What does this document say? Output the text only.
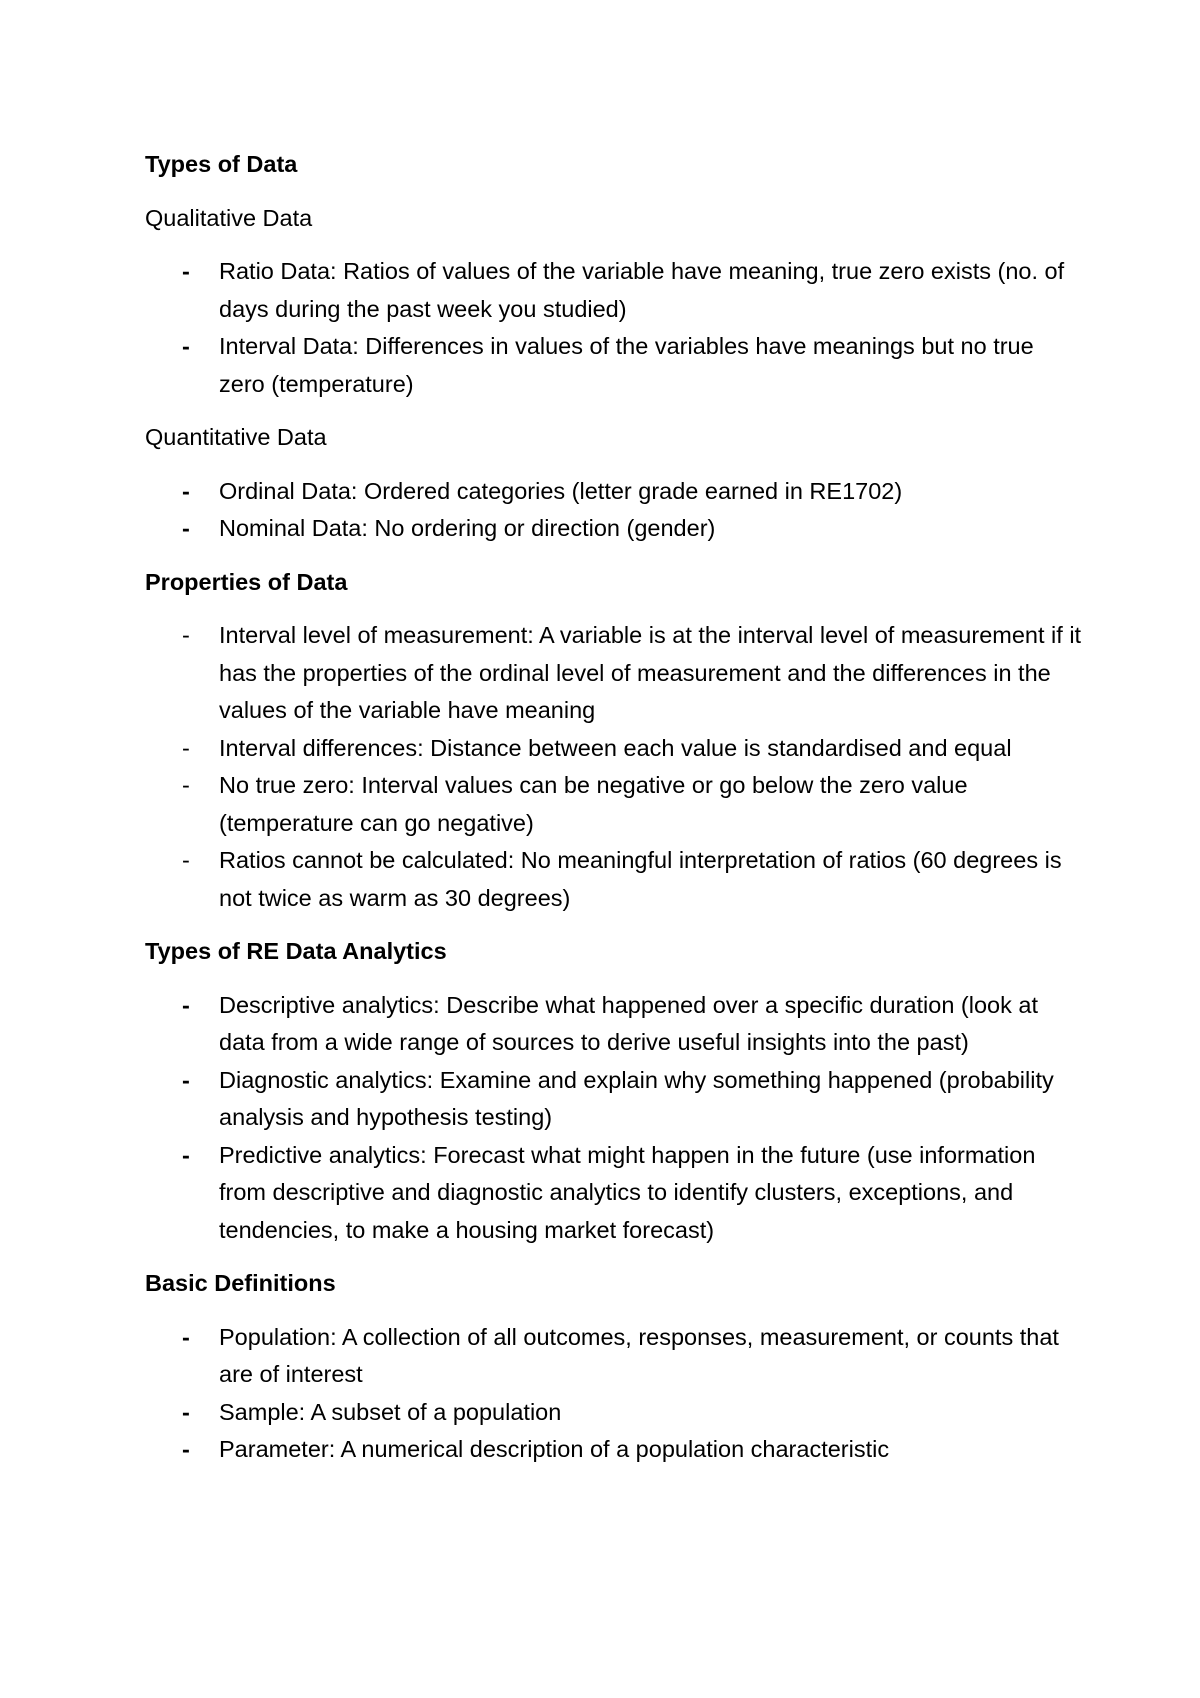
Types of Data
Qualitative Data
-	Ratio Data: Ratios of values of the variable have meaning, true zero exists (no. of days during the past week you studied)
-	Interval Data: Differences in values of the variables have meanings but no true zero (temperature)
Quantitative Data
-	Ordinal Data: Ordered categories (letter grade earned in RE1702)
-	Nominal Data: No ordering or direction (gender)
Properties of Data
-	Interval level of measurement: A variable is at the interval level of measurement if it has the properties of the ordinal level of measurement and the differences in the values of the variable have meaning
-	Interval differences: Distance between each value is standardised and equal
-	No true zero: Interval values can be negative or go below the zero value (temperature can go negative)
-	Ratios cannot be calculated: No meaningful interpretation of ratios (60 degrees is not twice as warm as 30 degrees)
Types of RE Data Analytics
-	Descriptive analytics: Describe what happened over a specific duration (look at data from a wide range of sources to derive useful insights into the past)
-	Diagnostic analytics: Examine and explain why something happened (probability analysis and hypothesis testing)
-	Predictive analytics: Forecast what might happen in the future (use information from descriptive and diagnostic analytics to identify clusters, exceptions, and tendencies, to make a housing market forecast)
Basic Definitions
-	Population: A collection of all outcomes, responses, measurement, or counts that are of interest
-	Sample: A subset of a population
-	Parameter: A numerical description of a population characteristic
